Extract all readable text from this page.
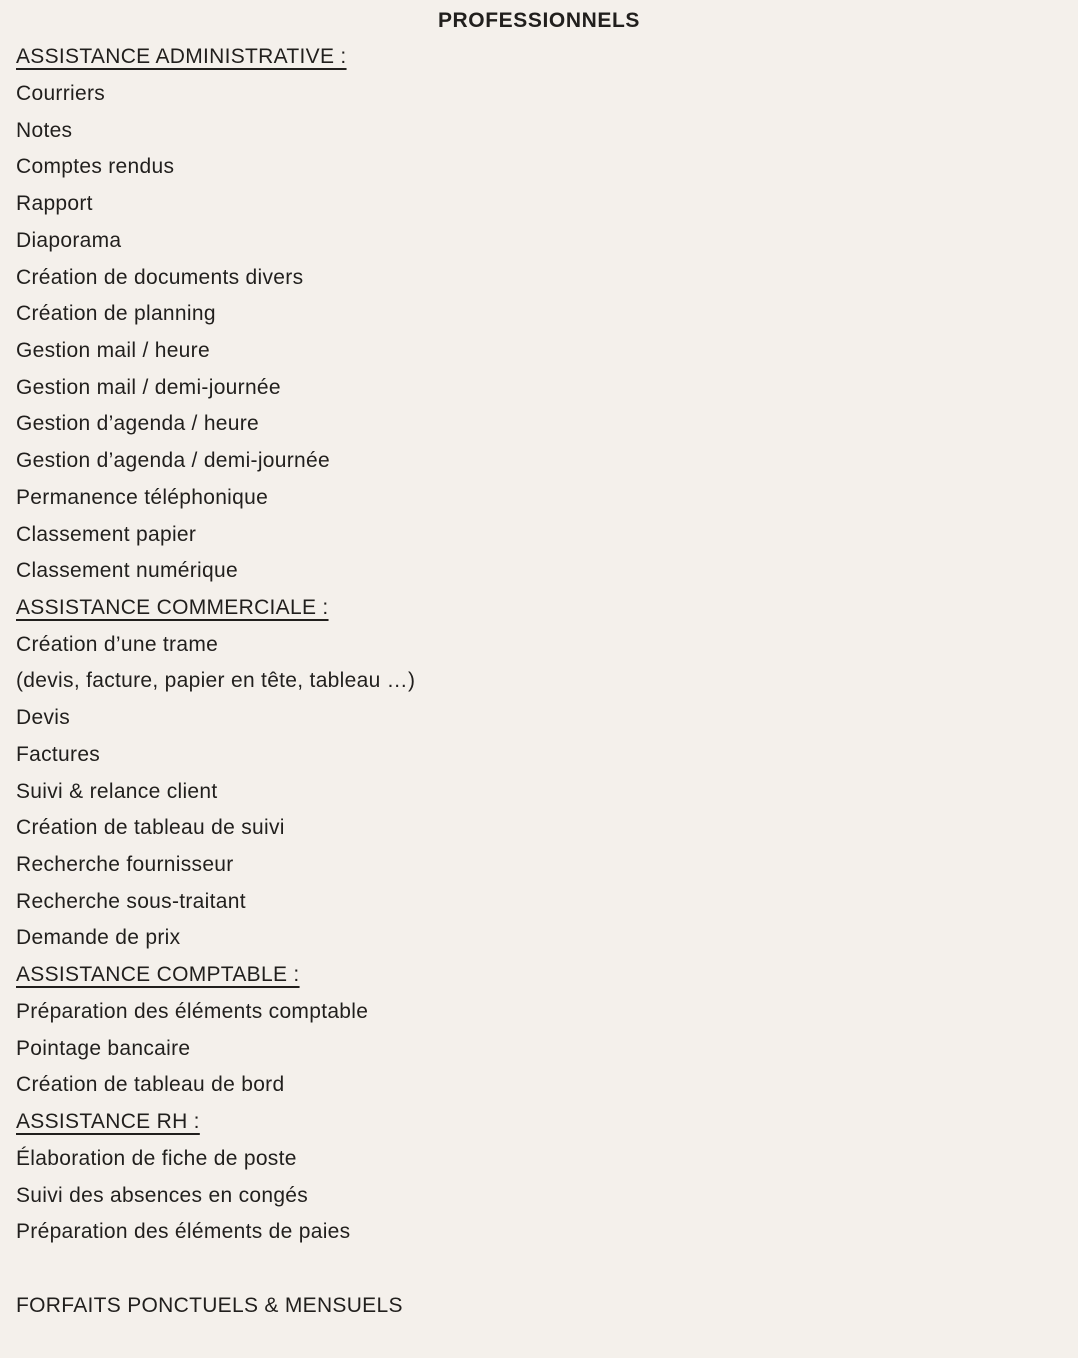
PROFESSIONNELS
ASSISTANCE ADMINISTRATIVE :

Courriers

Notes

Comptes rendus

Rapport

Diaporama

Création de documents divers

Création de planning

Gestion mail / heure

Gestion mail / demi-journée

Gestion d’agenda / heure

Gestion d’agenda / demi-journée

Permanence téléphonique

Classement papier

Classement numérique

ASSISTANCE COMMERCIALE :

Création d’une trame

(devis, facture, papier en tête, tableau …)

Devis

Factures

Suivi & relance client

Création de tableau de suivi

Recherche fournisseur

Recherche sous-traitant

Demande de prix

ASSISTANCE COMPTABLE :

Préparation des éléments comptable

Pointage bancaire

Création de tableau de bord

ASSISTANCE RH :

Élaboration de fiche de poste

Suivi des absences en congés

Préparation des éléments de paies

FORFAITS PONCTUELS & MENSUELS
